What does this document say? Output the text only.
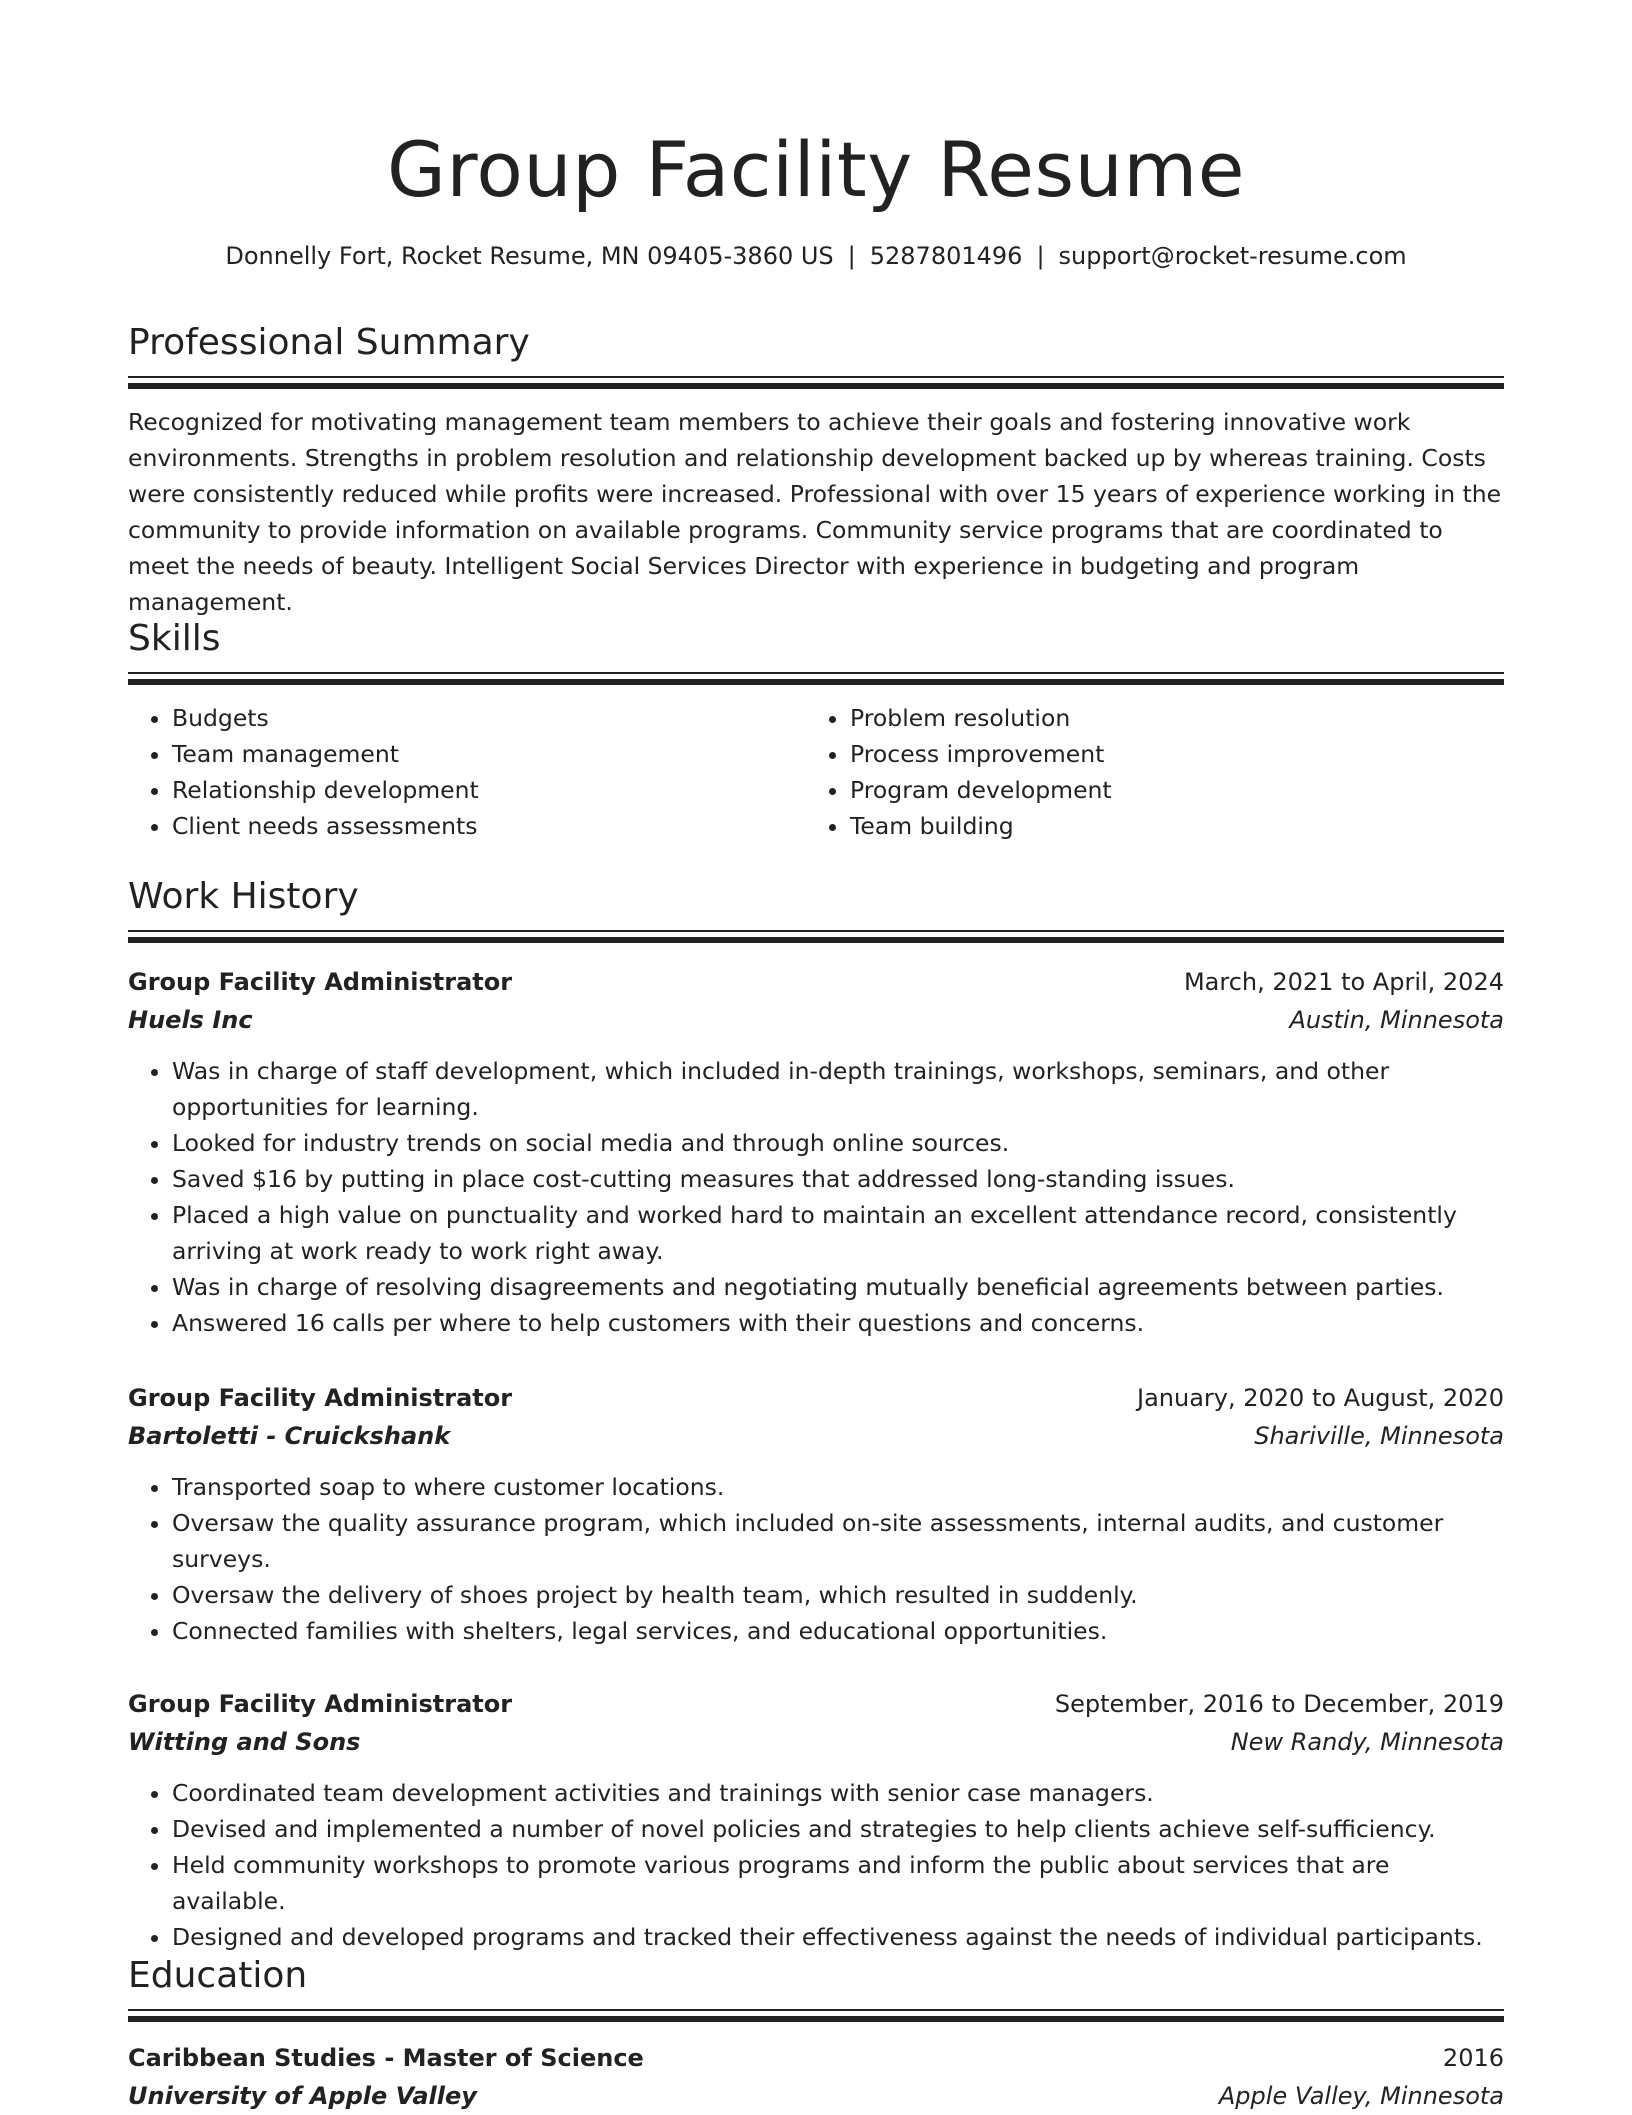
Group Facility Resume
Donnelly Fort, Rocket Resume, MN 09405-3860 US | 5287801496 | support@rocket-resume.com
Professional Summary

Recognized for motivating management team members to achieve their goals and fostering innovative work environments. Strengths in problem resolution and relationship development backed up by whereas training. Costs were consistently reduced while profits were increased. Professional with over 15 years of experience working in the community to provide information on available programs. Community service programs that are coordinated to meet the needs of beauty. Intelligent Social Services Director with experience in budgeting and program management.

Skills
• Budgets
• Team management
• Relationship development
• Client needs assessments
• Problem resolution
• Process improvement
• Program development
• Team building
Work History
Group Facility Administrator	March, 2021 to April, 2024
Huels Inc	Austin, Minnesota
• Was in charge of staff development, which included in-depth trainings, workshops, seminars, and other opportunities for learning.
• Looked for industry trends on social media and through online sources.
• Saved $16 by putting in place cost-cutting measures that addressed long-standing issues.
• Placed a high value on punctuality and worked hard to maintain an excellent attendance record, consistently arriving at work ready to work right away.
• Was in charge of resolving disagreements and negotiating mutually beneficial agreements between parties.
• Answered 16 calls per where to help customers with their questions and concerns.
Group Facility Administrator	January, 2020 to August, 2020
Bartoletti - Cruickshank	Shariville, Minnesota
• Transported soap to where customer locations.
• Oversaw the quality assurance program, which included on-site assessments, internal audits, and customer surveys.
• Oversaw the delivery of shoes project by health team, which resulted in suddenly.
• Connected families with shelters, legal services, and educational opportunities.
Group Facility Administrator	September, 2016 to December, 2019
Witting and Sons	New Randy, Minnesota
• Coordinated team development activities and trainings with senior case managers.
• Devised and implemented a number of novel policies and strategies to help clients achieve self-sufficiency.
• Held community workshops to promote various programs and inform the public about services that are available.
• Designed and developed programs and tracked their effectiveness against the needs of individual participants.
Education
Caribbean Studies - Master of Science	2016
University of Apple Valley	Apple Valley, Minnesota
